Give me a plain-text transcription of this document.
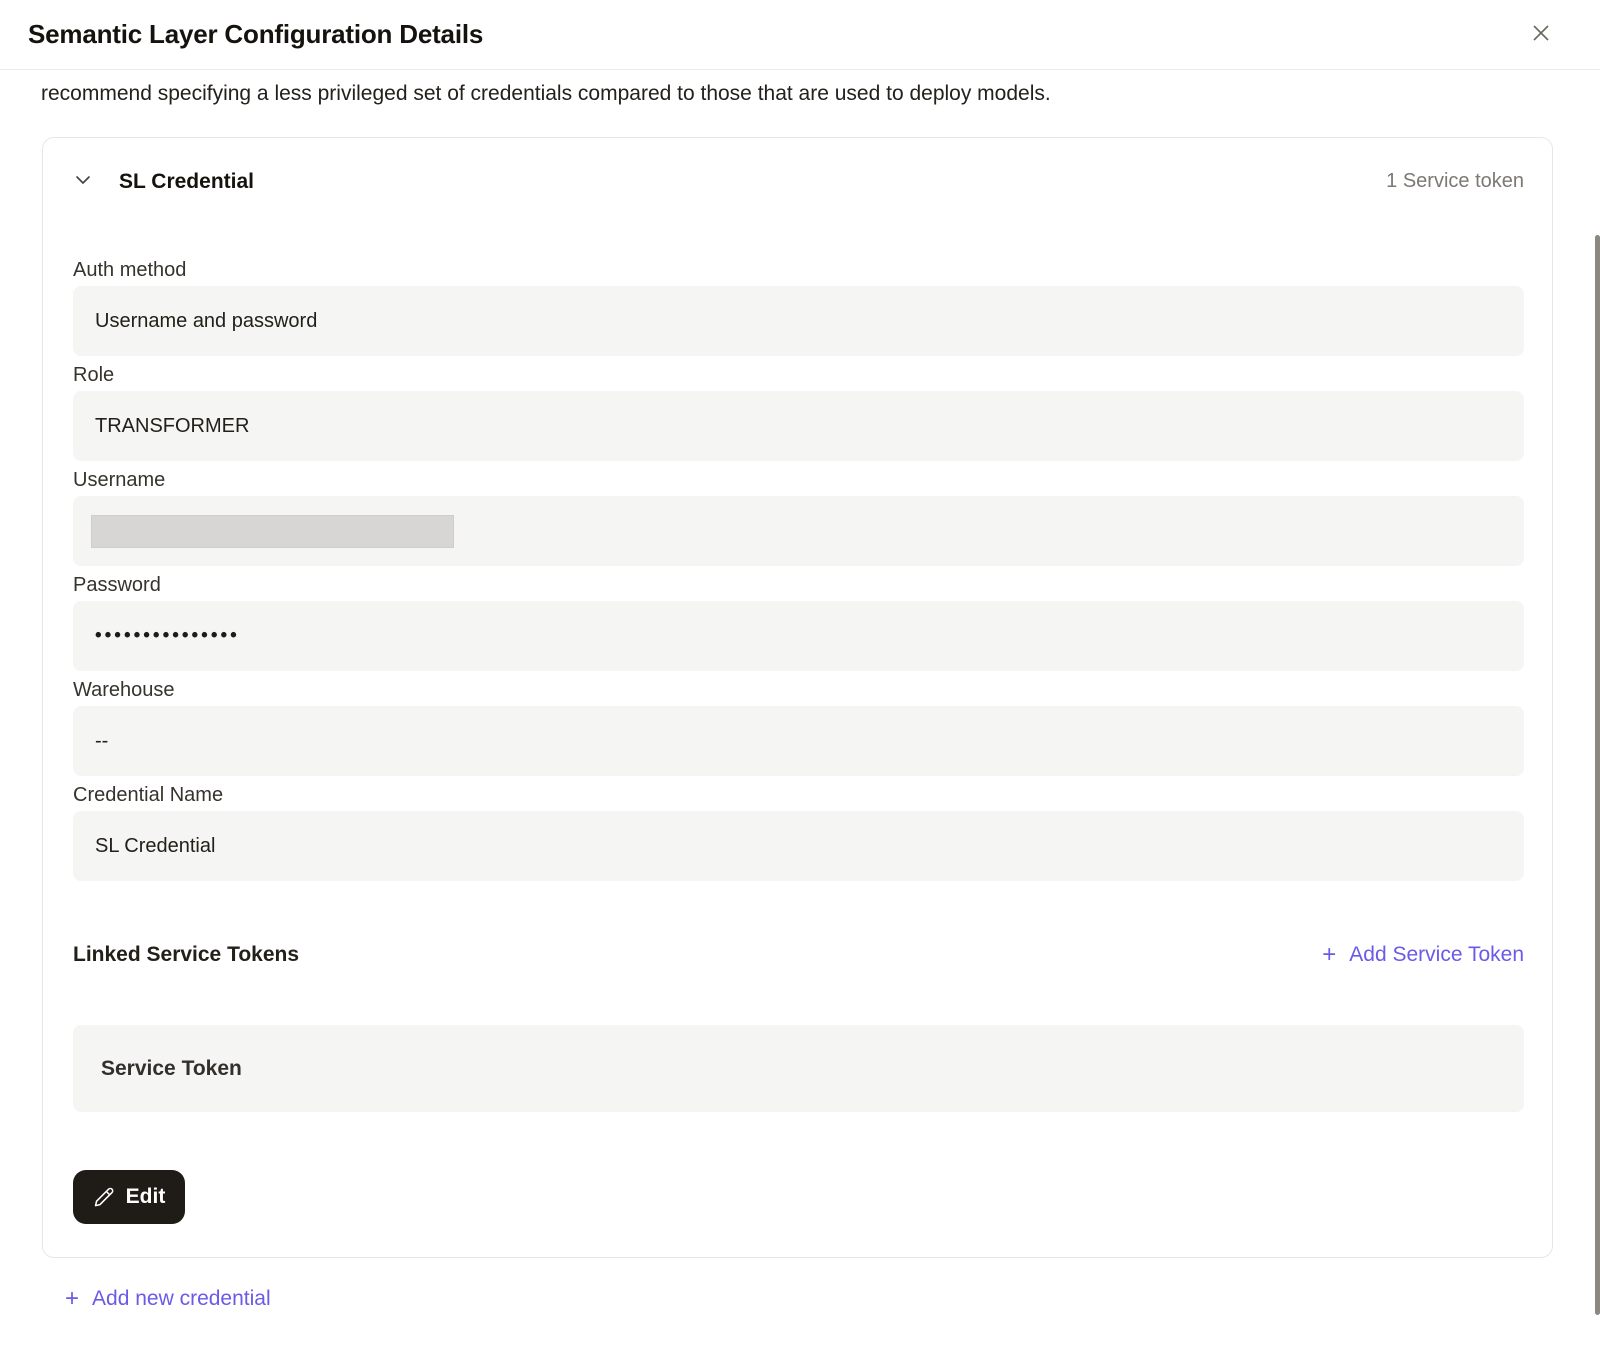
Semantic Layer Configuration Details
recommend specifying a less privileged set of credentials compared to those that are used to deploy models.
SL Credential	1 Service token
Auth method
Username and password
Role
TRANSFORMER
Username
Password
•••••••••••••••
Warehouse
--
Credential Name
SL Credential
Linked Service Tokens	+ Add Service Token
Service Token
Edit
+ Add new credential
